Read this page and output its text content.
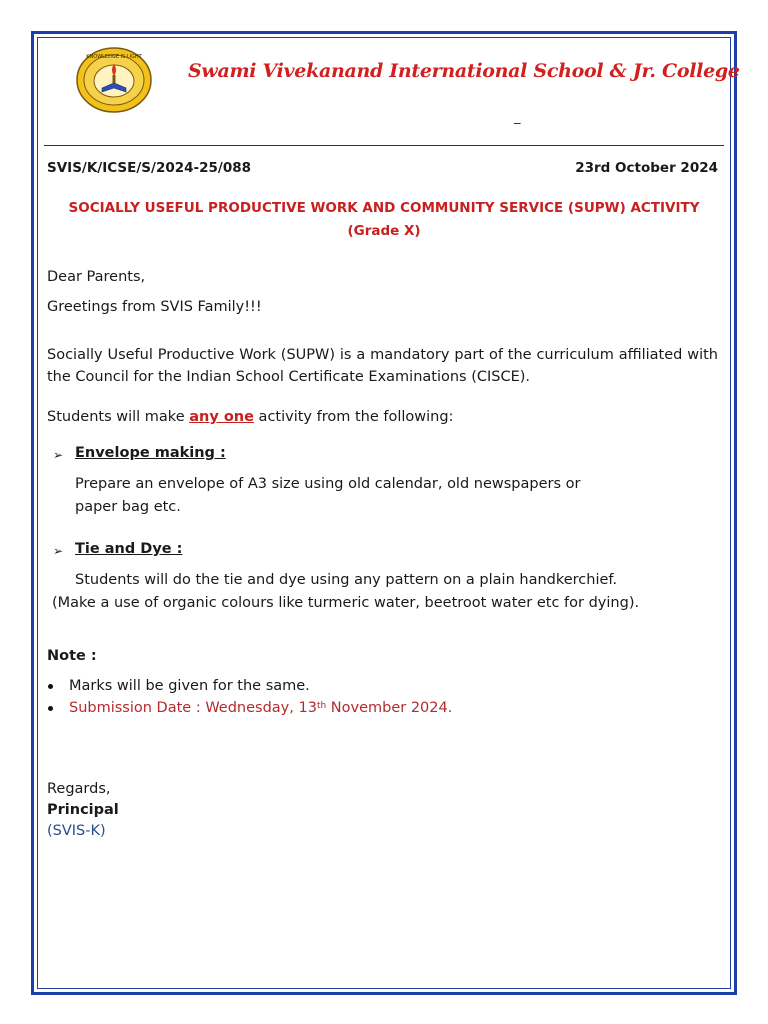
KNOWLEDGE IS LIGHT
Swami Vivekanand International School & Jr. College
_
SVIS/K/ICSE/S/2024-25/088	23rd October 2024
SOCIALLY USEFUL PRODUCTIVE WORK AND COMMUNITY SERVICE (SUPW) ACTIVITY
(Grade X)
Dear Parents,
Greetings from SVIS Family!!!
Socially Useful Productive Work (SUPW) is a mandatory part of the curriculum affiliated with the Council for the Indian School Certificate Examinations (CISCE).
Students will make any one activity from the following:
➢ Envelope making :
Prepare an envelope of A3 size using old calendar, old newspapers or
paper bag etc.
➢ Tie and Dye :
Students will do the tie and dye using any pattern on a plain handkerchief.
(Make a use of organic colours like turmeric water, beetroot water etc for dying).
Note :
Marks will be given for the same.
Submission Date : Wednesday, 13th November 2024.
Regards,
Principal
(SVIS-K)
